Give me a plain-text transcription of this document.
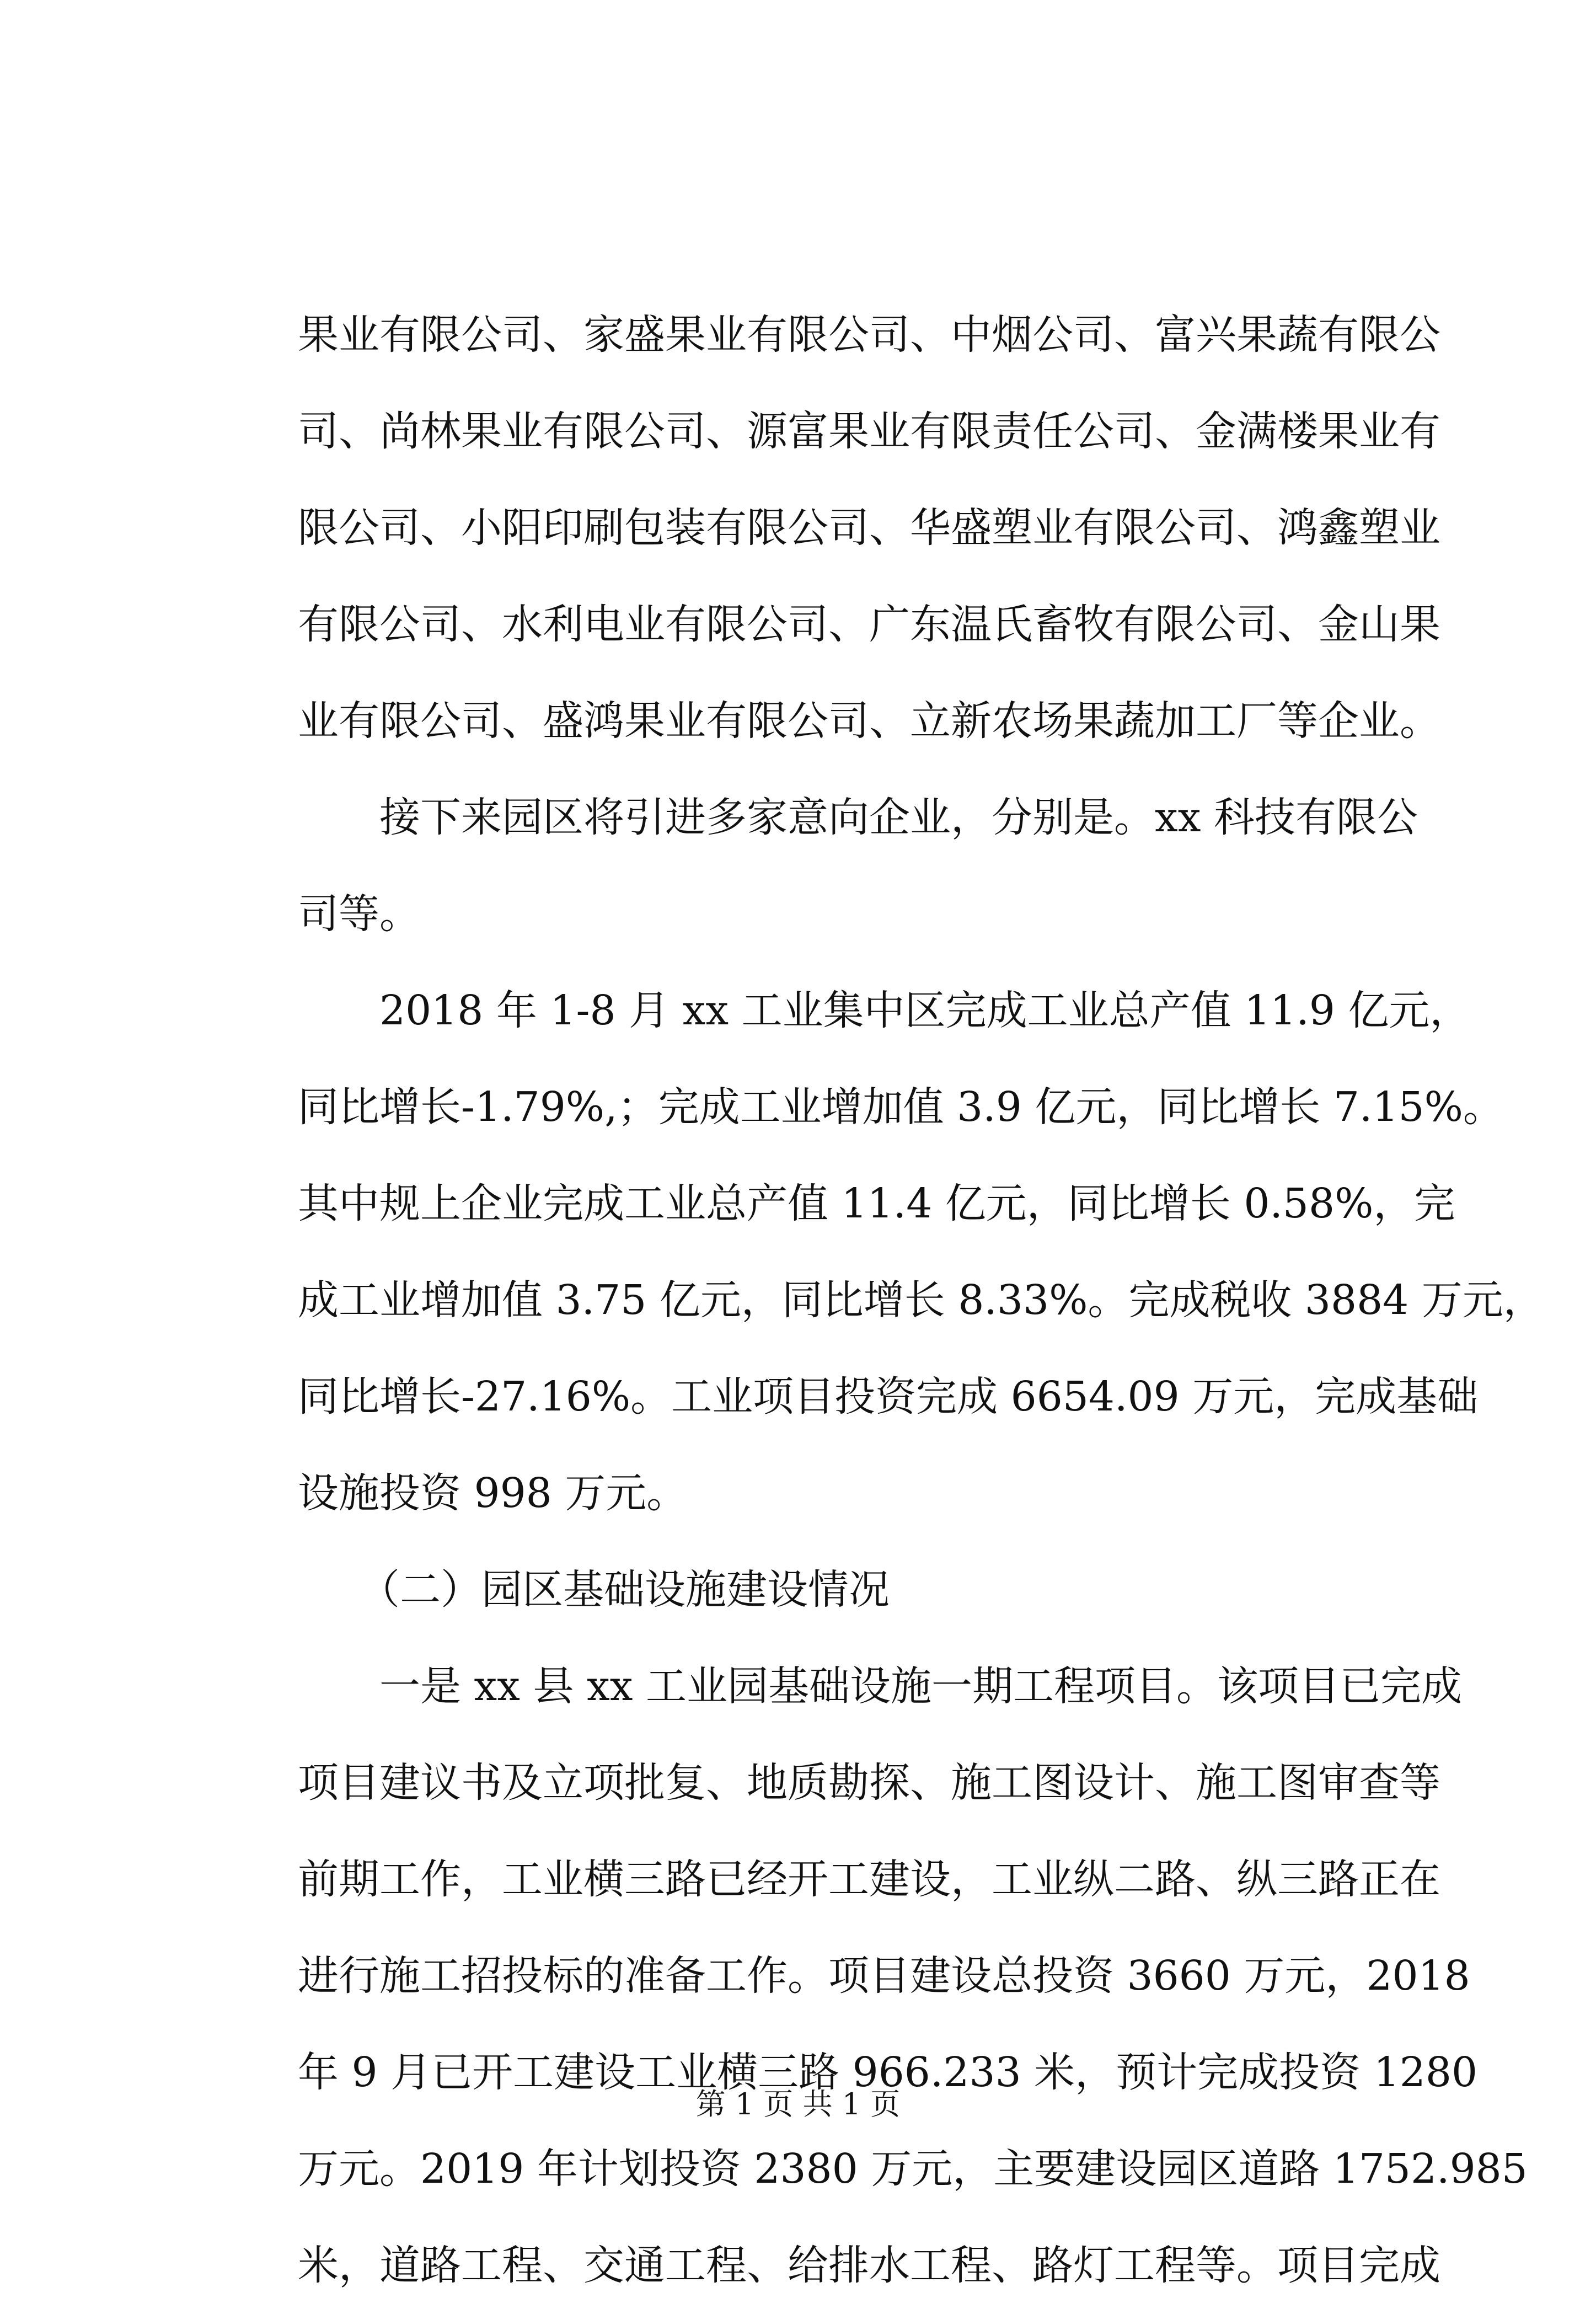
果业有限公司、家盛果业有限公司、中烟公司、富兴果蔬有限公
司、尚林果业有限公司、源富果业有限责任公司、金满楼果业有
限公司、小阳印刷包装有限公司、华盛塑业有限公司、鸿鑫塑业
有限公司、水利电业有限公司、广东温氏畜牧有限公司、金山果
业有限公司、盛鸿果业有限公司、立新农场果蔬加工厂等企业。
　　接下来园区将引进多家意向企业，分别是。xx 科技有限公
司等。
　　2018 年 1-8 月 xx 工业集中区完成工业总产值 11.9 亿元，
同比增长-1.79%,；完成工业增加值 3.9 亿元，同比增长 7.15%。
其中规上企业完成工业总产值 11.4 亿元，同比增长 0.58%，完
成工业增加值 3.75 亿元，同比增长 8.33%。完成税收 3884 万元，
同比增长-27.16%。工业项目投资完成 6654.09 万元，完成基础
设施投资 998 万元。
　　（二）园区基础设施建设情况
　　一是 xx 县 xx 工业园基础设施一期工程项目。该项目已完成
项目建议书及立项批复、地质勘探、施工图设计、施工图审查等
前期工作，工业横三路已经开工建设，工业纵二路、纵三路正在
进行施工招投标的准备工作。项目建设总投资 3660 万元，2018
年 9 月已开工建设工业横三路 966.233 米，预计完成投资 1280
万元。2019 年计划投资 2380 万元，主要建设园区道路 1752.985
米，道路工程、交通工程、给排水工程、路灯工程等。项目完成
第 1 页 共 1 页
